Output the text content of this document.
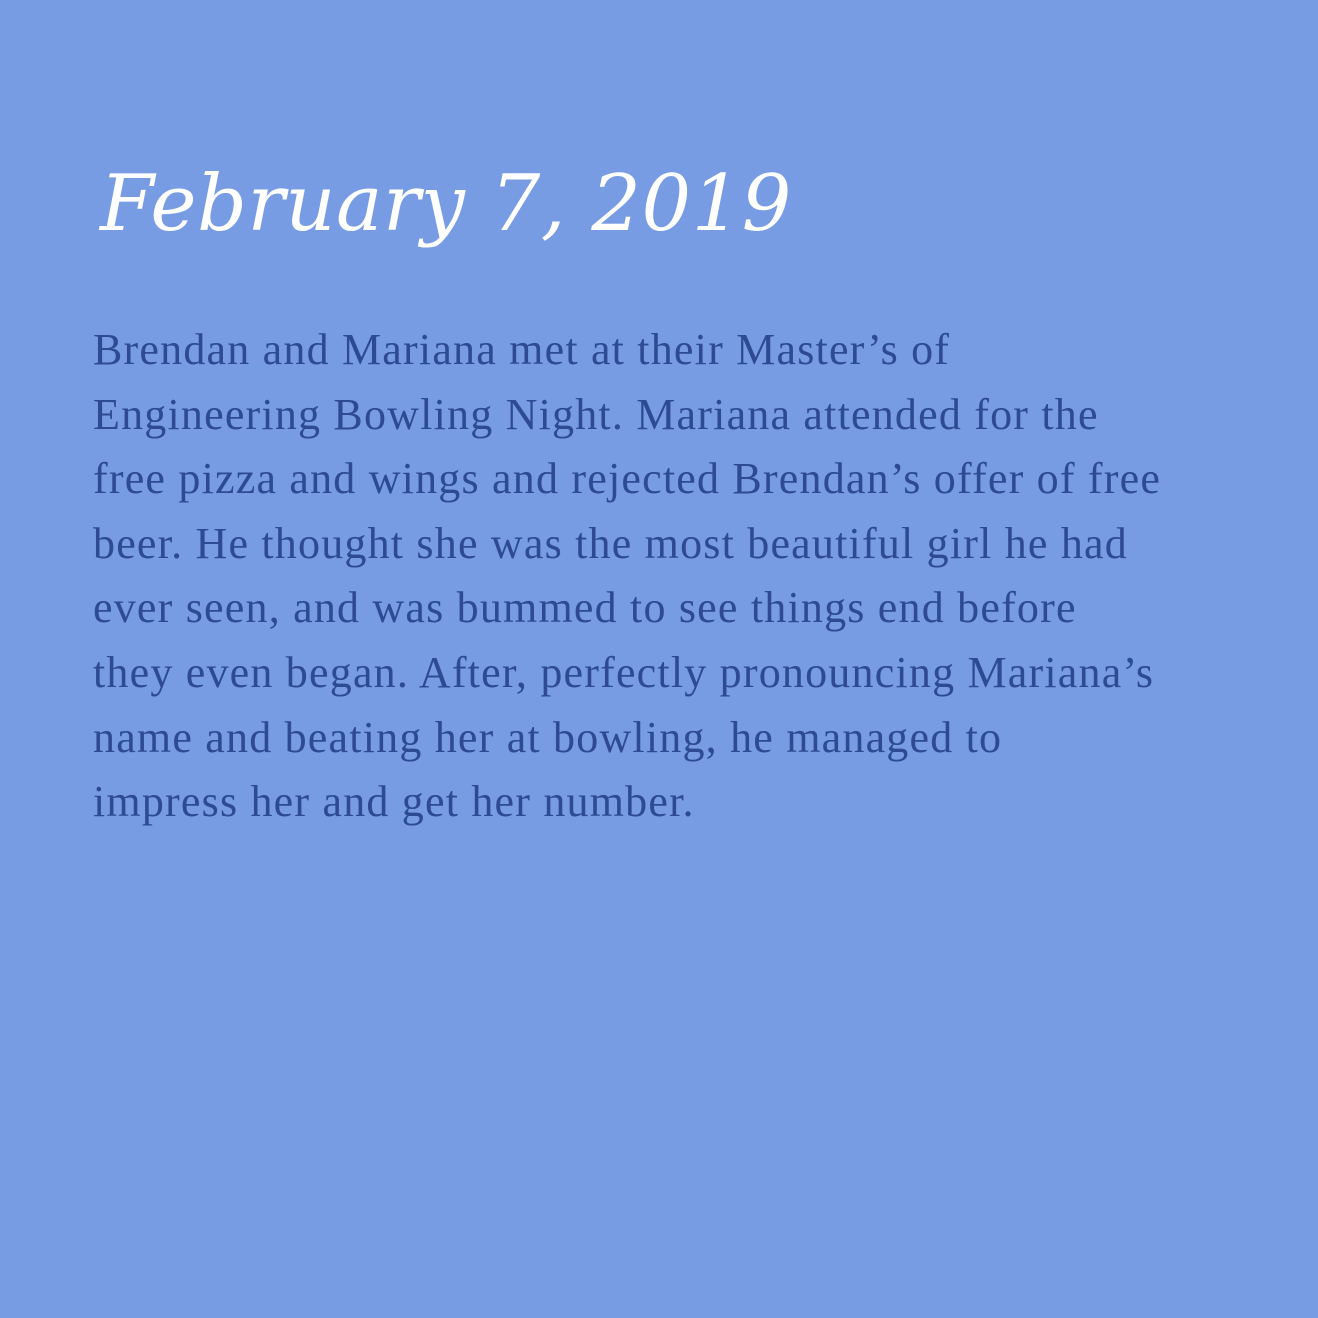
February 7, 2019

Brendan and Mariana met at their Master’s of
Engineering Bowling Night. Mariana attended for the
free pizza and wings and rejected Brendan’s offer of free
beer. He thought she was the most beautiful girl he had
ever seen, and was bummed to see things end before
they even began. After, perfectly pronouncing Mariana’s
name and beating her at bowling, he managed to
impress her and get her number.
